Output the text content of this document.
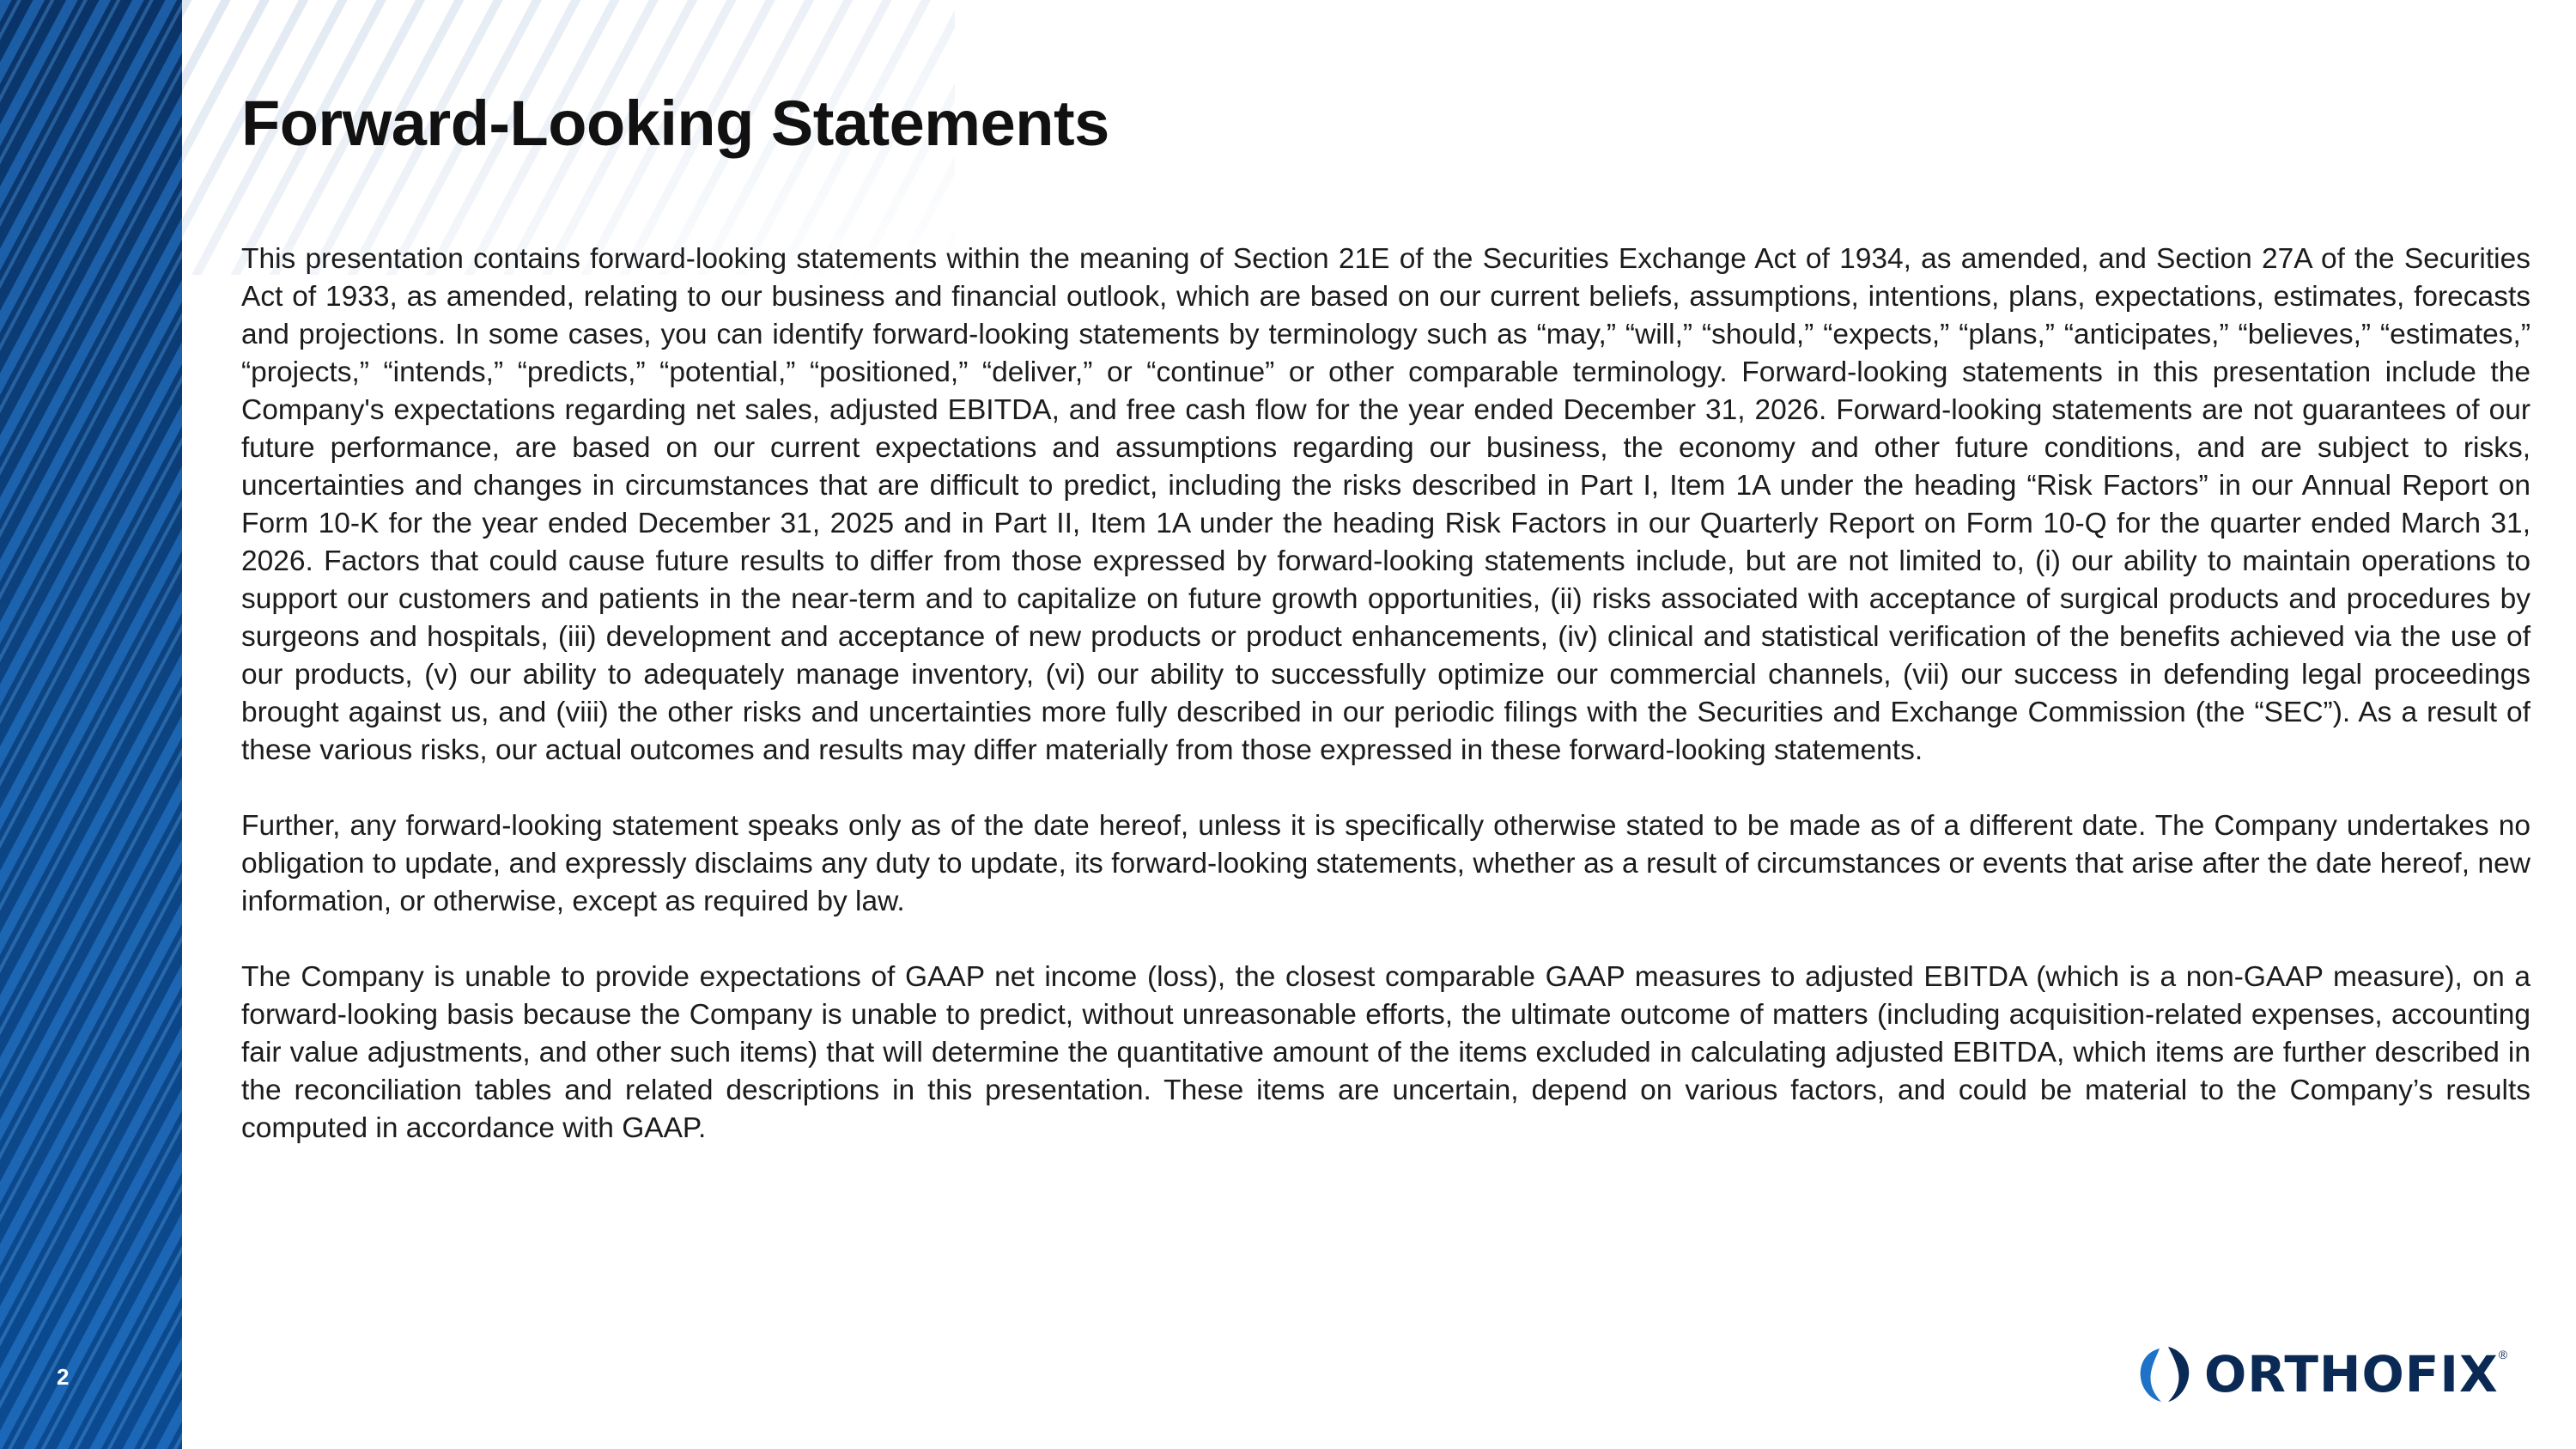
2
Forward-Looking Statements

This presentation contains forward-looking statements within the meaning of Section 21E of the Securities Exchange Act of 1934, as amended, and Section 27A of the Securities Act of 1933, as amended, relating to our business and financial outlook, which are based on our current beliefs, assumptions, intentions, plans, expectations, estimates, forecasts and projections. In some cases, you can identify forward-looking statements by terminology such as “may,” “will,” “should,” “expects,” “plans,” “anticipates,” “believes,” “estimates,” “projects,” “intends,” “predicts,” “potential,” “positioned,” “deliver,” or “continue” or other comparable terminology. Forward-looking statements in this presentation include the Company's expectations regarding net sales, adjusted EBITDA, and free cash flow for the year ended December 31, 2026. Forward-looking statements are not guarantees of our future performance, are based on our current expectations and assumptions regarding our business, the economy and other future conditions, and are subject to risks, uncertainties and changes in circumstances that are difficult to predict, including the risks described in Part I, Item 1A under the heading “Risk Factors” in our Annual Report on Form 10-K for the year ended December 31, 2025 and in Part II, Item 1A under the heading Risk Factors in our Quarterly Report on Form 10-Q for the quarter ended March 31, 2026. Factors that could cause future results to differ from those expressed by forward-looking statements include, but are not limited to, (i) our ability to maintain operations to support our customers and patients in the near-term and to capitalize on future growth opportunities, (ii) risks associated with acceptance of surgical products and procedures by surgeons and hospitals, (iii) development and acceptance of new products or product enhancements, (iv) clinical and statistical verification of the benefits achieved via the use of our products, (v) our ability to adequately manage inventory, (vi) our ability to successfully optimize our commercial channels, (vii) our success in defending legal proceedings brought against us, and (viii) the other risks and uncertainties more fully described in our periodic filings with the Securities and Exchange Commission (the “SEC”). As a result of these various risks, our actual outcomes and results may differ materially from those expressed in these forward-looking statements.

Further, any forward-looking statement speaks only as of the date hereof, unless it is specifically otherwise stated to be made as of a different date. The Company undertakes no obligation to update, and expressly disclaims any duty to update, its forward-looking statements, whether as a result of circumstances or events that arise after the date hereof, new information, or otherwise, except as required by law.

The Company is unable to provide expectations of GAAP net income (loss), the closest comparable GAAP measures to adjusted EBITDA (which is a non-GAAP measure), on a forward-looking basis because the Company is unable to predict, without unreasonable efforts, the ultimate outcome of matters (including acquisition-related expenses, accounting fair value adjustments, and other such items) that will determine the quantitative amount of the items excluded in calculating adjusted EBITDA, which items are further described in the reconciliation tables and related descriptions in this presentation. These items are uncertain, depend on various factors, and could be material to the Company’s results computed in accordance with GAAP.

ORTHOFIX ®
